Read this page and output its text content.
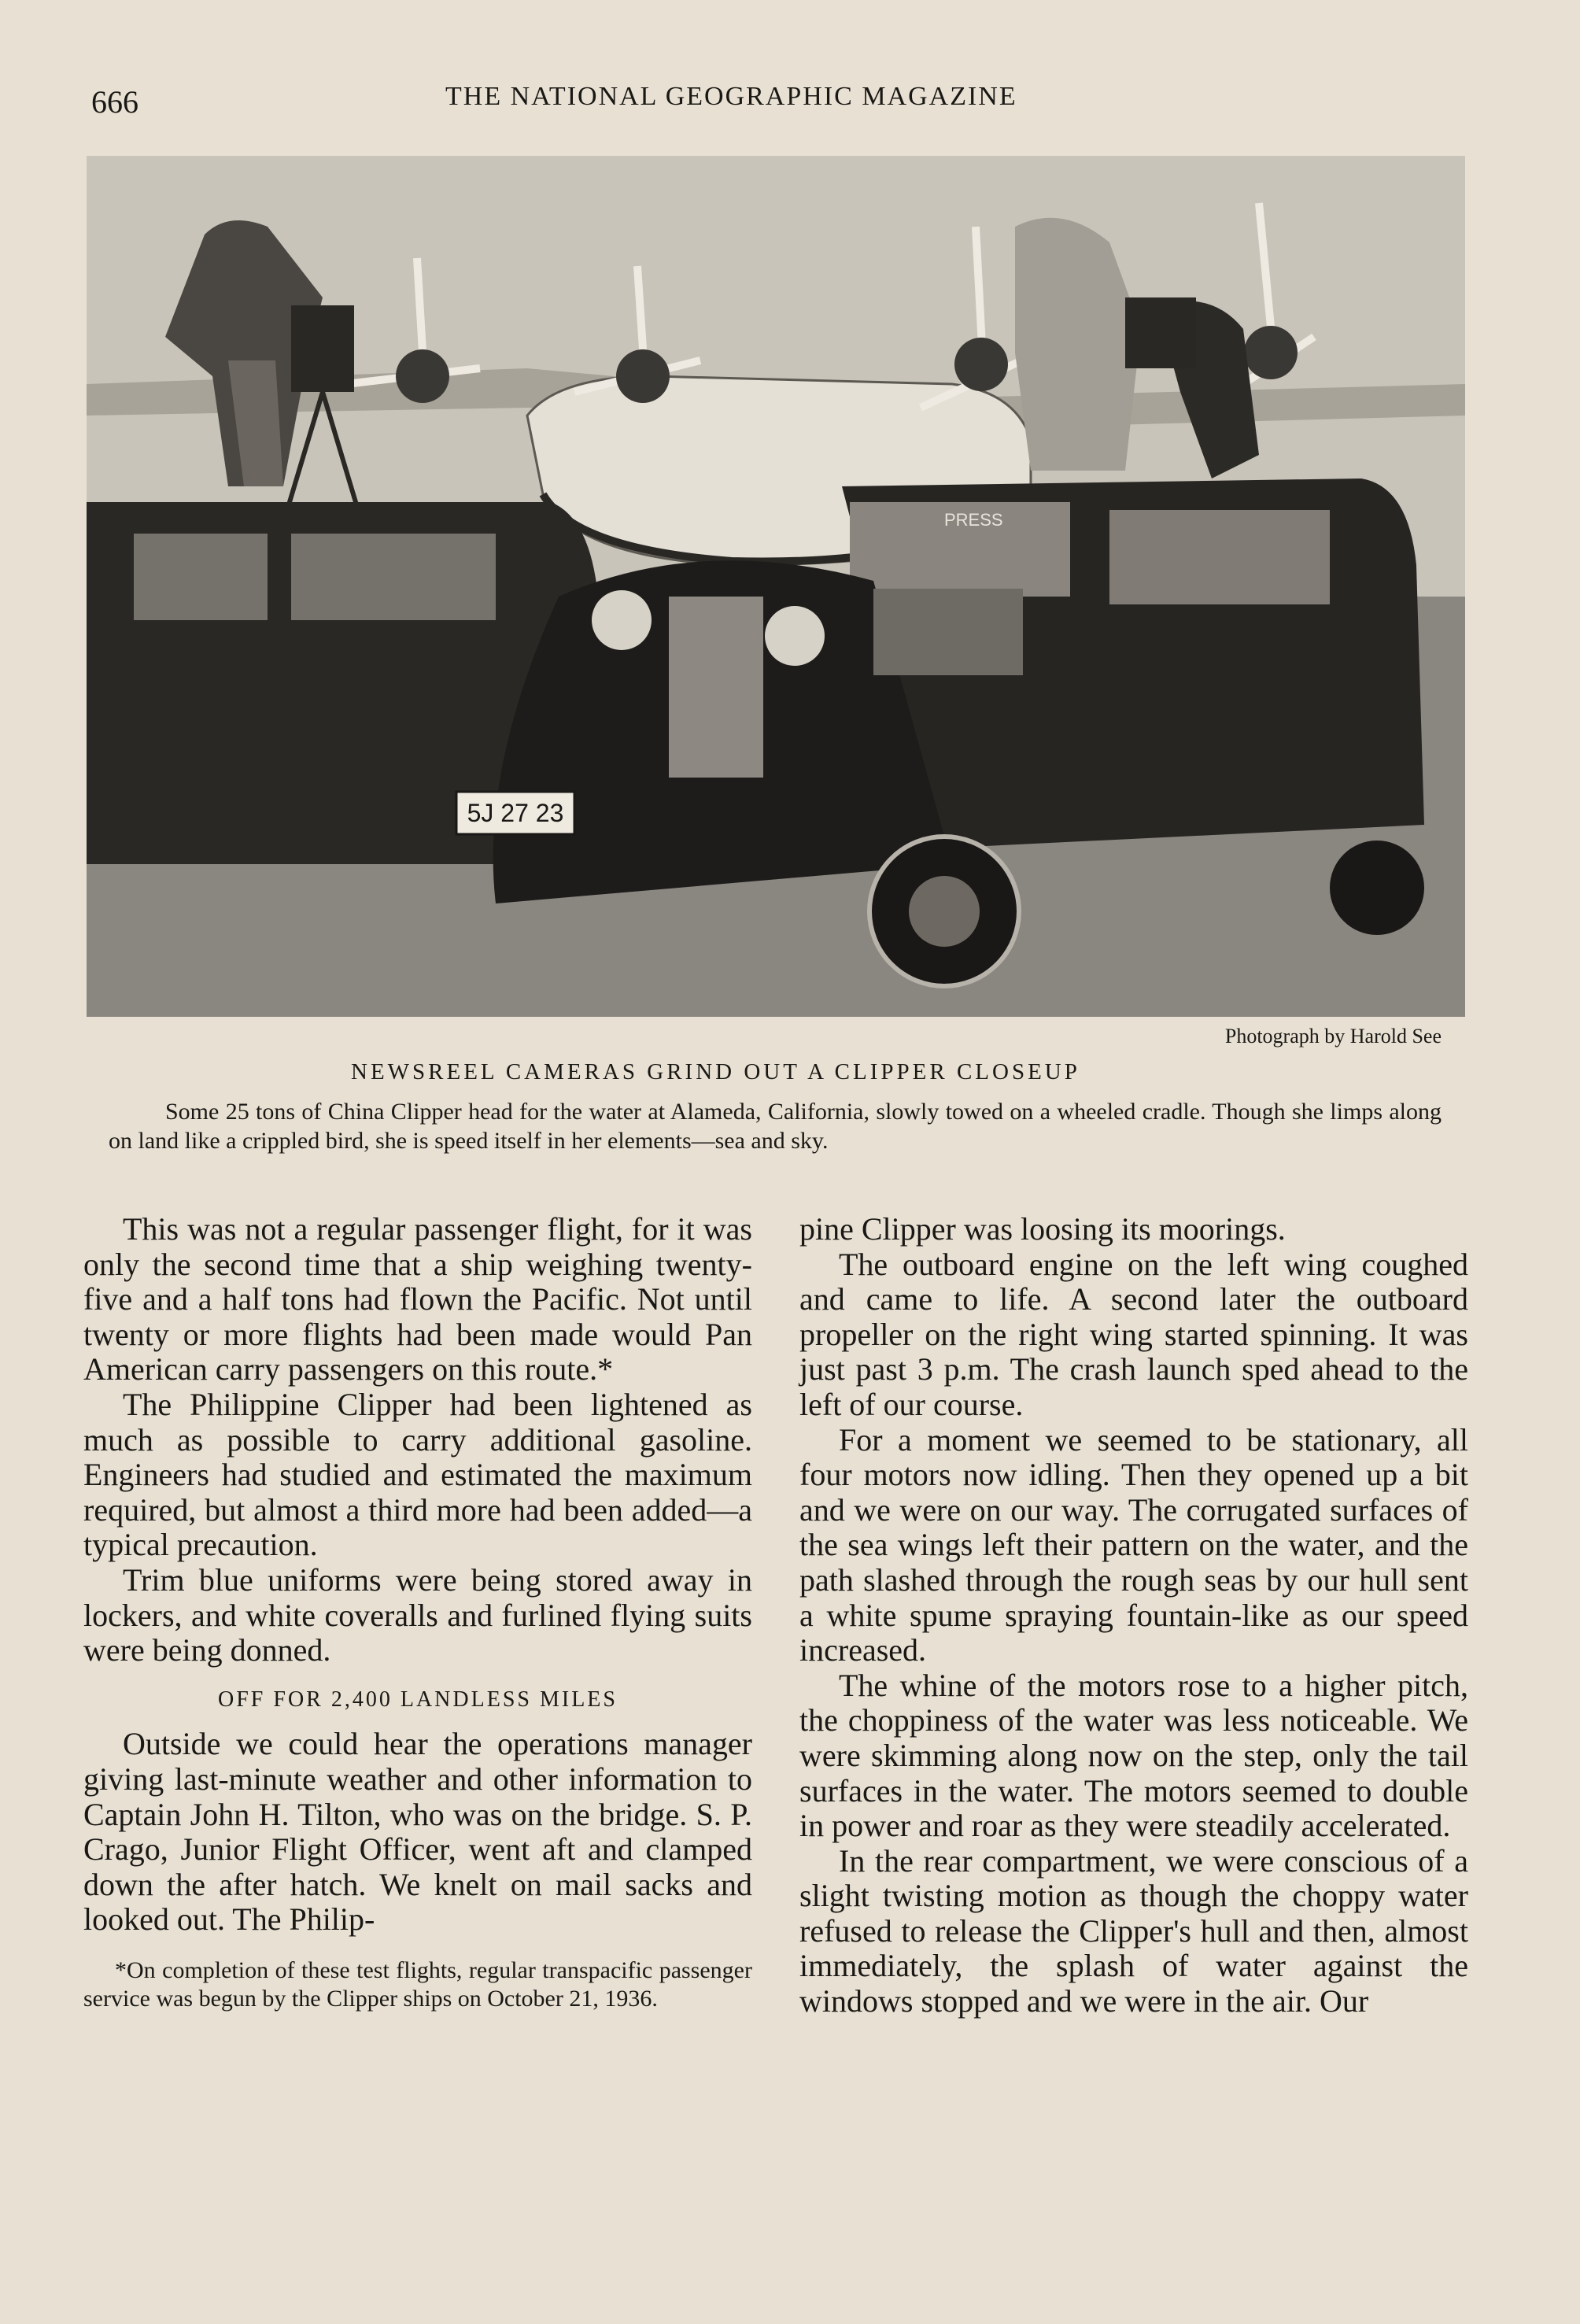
666	THE NATIONAL GEOGRAPHIC MAGAZINE
5J 27 23
PRESS
Photograph by Harold See
NEWSREEL CAMERAS GRIND OUT A CLIPPER CLOSEUP

Some 25 tons of China Clipper head for the water at Alameda, California, slowly towed on a wheeled cradle. Though she limps along on land like a crippled bird, she is speed itself in her elements—sea and sky.

This was not a regular passenger flight, for it was only the second time that a ship weighing twenty-five and a half tons had flown the Pacific. Not until twenty or more flights had been made would Pan American carry passengers on this route.*

The Philippine Clipper had been lightened as much as possible to carry additional gasoline. Engineers had studied and estimated the maximum required, but almost a third more had been added—a typical precaution.

Trim blue uniforms were being stored away in lockers, and white coveralls and furlined flying suits were being donned.

OFF FOR 2,400 LANDLESS MILES

Outside we could hear the operations manager giving last-minute weather and other information to Captain John H. Tilton, who was on the bridge. S. P. Crago, Junior Flight Officer, went aft and clamped down the after hatch. We knelt on mail sacks and looked out. The Philip-

*On completion of these test flights, regular transpacific passenger service was begun by the Clipper ships on October 21, 1936.

pine Clipper was loosing its moorings.

The outboard engine on the left wing coughed and came to life. A second later the outboard propeller on the right wing started spinning. It was just past 3 p.m. The crash launch sped ahead to the left of our course.

For a moment we seemed to be stationary, all four motors now idling. Then they opened up a bit and we were on our way. The corrugated surfaces of the sea wings left their pattern on the water, and the path slashed through the rough seas by our hull sent a white spume spraying fountain-like as our speed increased.

The whine of the motors rose to a higher pitch, the choppiness of the water was less noticeable. We were skimming along now on the step, only the tail surfaces in the water. The motors seemed to double in power and roar as they were steadily accelerated.

In the rear compartment, we were conscious of a slight twisting motion as though the choppy water refused to release the Clipper's hull and then, almost immediately, the splash of water against the windows stopped and we were in the air. Our
